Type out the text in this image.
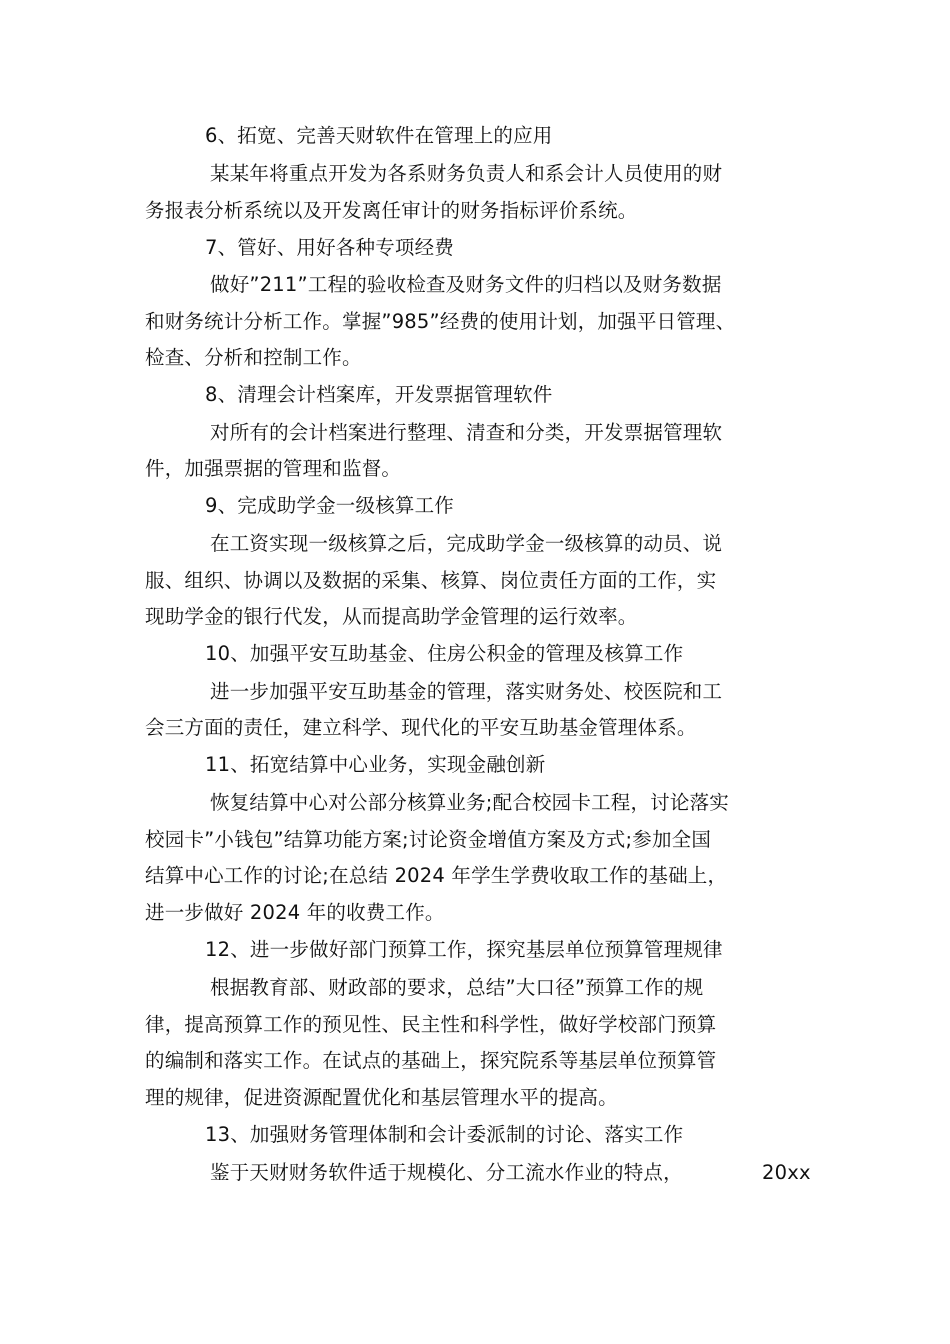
6、拓宽、完善天财软件在管理上的应用
某某年将重点开发为各系财务负责人和系会计人员使用的财
务报表分析系统以及开发离任审计的财务指标评价系统。
7、管好、用好各种专项经费
做好”211”工程的验收检查及财务文件的归档以及财务数据
和财务统计分析工作。掌握”985”经费的使用计划，加强平日管理、
检查、分析和控制工作。
8、清理会计档案库，开发票据管理软件
对所有的会计档案进行整理、清查和分类，开发票据管理软
件，加强票据的管理和监督。
9、完成助学金一级核算工作
在工资实现一级核算之后，完成助学金一级核算的动员、说
服、组织、协调以及数据的采集、核算、岗位责任方面的工作，实
现助学金的银行代发，从而提高助学金管理的运行效率。
10、加强平安互助基金、住房公积金的管理及核算工作
进一步加强平安互助基金的管理，落实财务处、校医院和工
会三方面的责任，建立科学、现代化的平安互助基金管理体系。
11、拓宽结算中心业务，实现金融创新
恢复结算中心对公部分核算业务;配合校园卡工程，讨论落实
校园卡”小钱包”结算功能方案;讨论资金增值方案及方式;参加全国
结算中心工作的讨论;在总结 2024 年学生学费收取工作的基础上，
进一步做好 2024 年的收费工作。
12、进一步做好部门预算工作，探究基层单位预算管理规律
根据教育部、财政部的要求，总结”大口径”预算工作的规
律，提高预算工作的预见性、民主性和科学性，做好学校部门预算
的编制和落实工作。在试点的基础上，探究院系等基层单位预算管
理的规律，促进资源配置优化和基层管理水平的提高。
13、加强财务管理体制和会计委派制的讨论、落实工作
鉴于天财财务软件适于规模化、分工流水作业的特点，	20xx
